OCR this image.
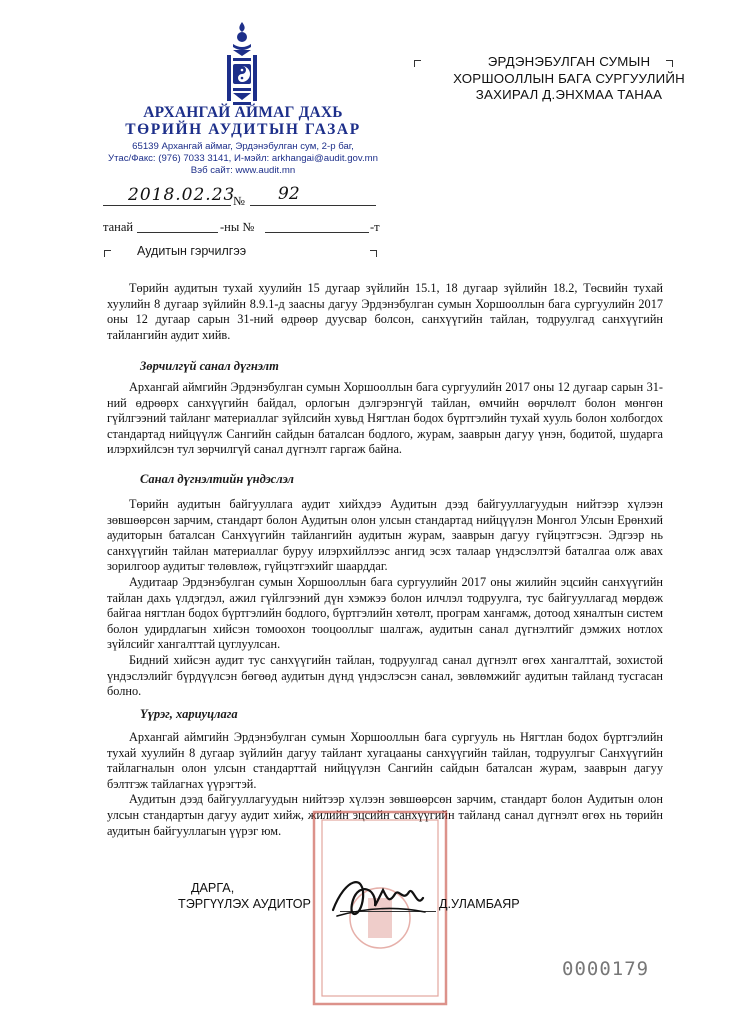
АРХАНГАЙ АЙМАГ ДАХЬ
ТӨРИЙН АУДИТЫН ГАЗАР
65139 Архангай аймаг, Эрдэнэбулган сум, 2-р баг,
Утас/Факс: (976) 7033 3141, И-мэйл: arkhangai@audit.gov.mn
Вэб сайт: www.audit.mn
ЭРДЭНЭБУЛГАН СУМЫН
ХОРШООЛЛЫН БАГА СУРГУУЛИЙН
ЗАХИРАЛ Д.ЭНХМАА ТАНАА
2018.02.23
№ 92
танай	-ны №	-т
Аудитын гэрчилгээ

Төрийн аудитын тухай хуулийн 15 дугаар зүйлийн 15.1, 18 дугаар зүйлийн 18.2, Төсвийн тухай хуулийн 8 дугаар зүйлийн 8.9.1-д заасны дагуу Эрдэнэбулган сумын Хоршооллын бага сургуулийн 2017 оны 12 дугаар сарын 31-ний өдрөөр дуусвар болсон, санхүүгийн тайлан, тодруулгад санхүүгийн тайлангийн аудит хийв.

Зөрчилгүй санал дүгнэлт

Архангай аймгийн Эрдэнэбулган сумын Хоршооллын бага сургуулийн 2017 оны 12 дугаар сарын 31-ний өдрөөрх санхүүгийн байдал, орлогын дэлгэрэнгүй тайлан, өмчийн өөрчлөлт болон мөнгөн гүйлгээний тайланг материаллаг зүйлсийн хувьд Нягтлан бодох бүртгэлийн тухай хууль болон холбогдох стандартад нийцүүлж Сангийн сайдын баталсан бодлого, журам, зааврын дагуу үнэн, бодитой, шударга илэрхийлсэн тул зөрчилгүй санал дүгнэлт гаргаж байна.

Санал дүгнэлтийн үндэслэл

Төрийн аудитын байгууллага аудит хийхдээ Аудитын дээд байгууллагуудын нийтээр хүлээн зөвшөөрсөн зарчим, стандарт болон Аудитын олон улсын стандартад нийцүүлэн Монгол Улсын Ерөнхий аудиторын баталсан Санхүүгийн тайлангийн аудитын журам, зааврын дагуу гүйцэтгэсэн. Эдгээр нь санхүүгийн тайлан материаллаг буруу илэрхийллээс ангид эсэх талаар үндэслэлтэй баталгаа олж авах зорилгоор аудитыг төлөвлөж, гүйцэтгэхийг шаарддаг.

Аудитаар Эрдэнэбулган сумын Хоршооллын бага сургуулийн 2017 оны жилийн эцсийн санхүүгийн тайлан дахь үлдэгдэл, ажил гүйлгээний дүн хэмжээ болон илчлэл тодруулга, тус байгууллагад мөрдөж байгаа нягтлан бодох бүртгэлийн бодлого, бүртгэлийн хөтөлт, програм хангамж, дотоод хяналтын систем болон удирдлагын хийсэн томоохон тооцооллыг шалгаж, аудитын санал дүгнэлтийг дэмжих нотлох зүйлсийг хангалттай цуглуулсан.

Бидний хийсэн аудит тус санхүүгийн тайлан, тодруулгад санал дүгнэлт өгөх хангалттай, зохистой үндэслэлийг бүрдүүлсэн бөгөөд аудитын дүнд үндэслэсэн санал, зөвлөмжийг аудитын тайланд тусгасан болно.

Үүрэг, хариуцлага

Архангай аймгийн Эрдэнэбулган сумын Хоршооллын бага сургууль нь Нягтлан бодох бүртгэлийн тухай хуулийн 8 дугаар зүйлийн дагуу тайлант хугацааны санхүүгийн тайлан, тодруулгыг Санхүүгийн тайлагналын олон улсын стандарттай нийцүүлэн Сангийн сайдын баталсан журам, зааврын дагуу бэлтгэж тайлагнах үүрэгтэй.

Аудитын дээд байгууллагуудын нийтээр хүлээн зөвшөөрсөн зарчим, стандарт болон Аудитын олон улсын стандартын дагуу аудит хийж, жилийн эцсийн санхүүгийн тайланд санал дүгнэлт өгөх нь төрийн аудитын байгууллагын үүрэг юм.

ДАРГА,
ТЭРГҮҮЛЭХ АУДИТОР	Д.УЛАМБАЯР
0000179
